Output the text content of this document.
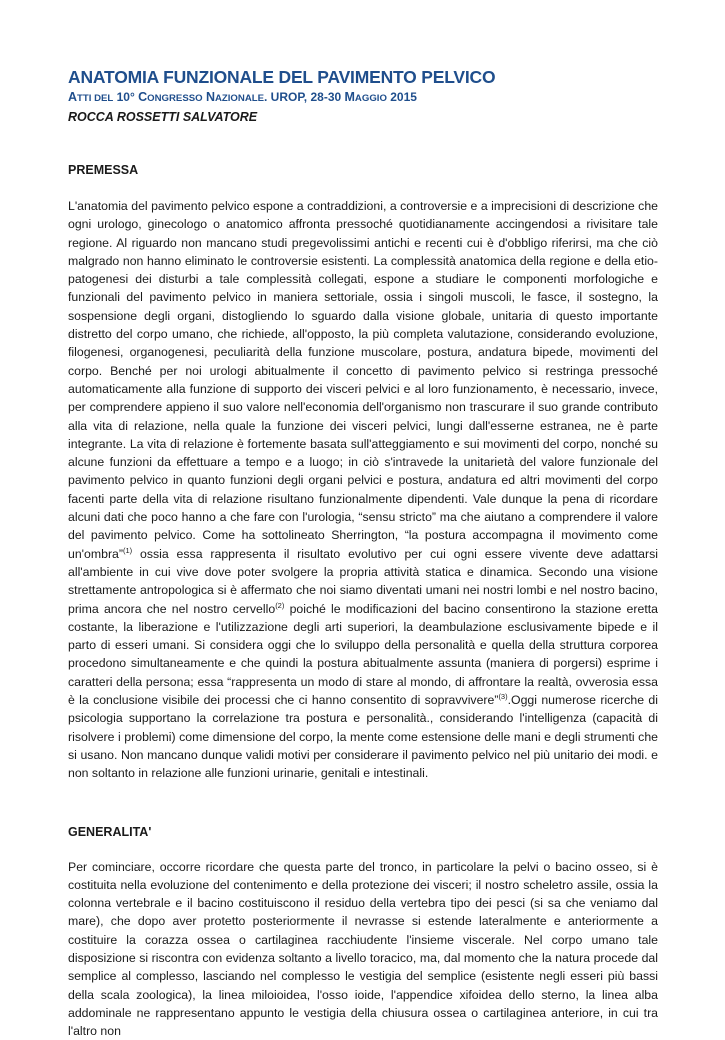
ANATOMIA FUNZIONALE DEL PAVIMENTO PELVICO

ATTI DEL 10° CONGRESSO NAZIONALE. UROP, 28-30 MAGGIO 2015

ROCCA ROSSETTI SALVATORE

PREMESSA

L'anatomia del pavimento pelvico espone a contraddizioni, a controversie e a imprecisioni di descrizione che ogni urologo, ginecologo o anatomico affronta pressoché quotidianamente accingendosi a rivisitare tale regione. Al riguardo non mancano studi pregevolissimi antichi e recenti cui è d'obbligo riferirsi, ma che ciò malgrado non hanno eliminato le controversie esistenti. La complessità anatomica della regione e della etio-patogenesi dei disturbi a tale complessità collegati, espone a studiare le componenti morfologiche e funzionali del pavimento pelvico in maniera settoriale, ossia i singoli muscoli, le fasce, il sostegno, la sospensione degli organi, distogliendo lo sguardo dalla visione globale, unitaria di questo importante distretto del corpo umano, che richiede, all'opposto, la più completa valutazione, considerando evoluzione, filogenesi, organogenesi, peculiarità della funzione muscolare, postura, andatura bipede, movimenti del corpo. Benché per noi urologi abitualmente il concetto di pavimento pelvico si restringa pressoché automaticamente alla funzione di supporto dei visceri pelvici e al loro funzionamento, è necessario, invece, per comprendere appieno il suo valore nell'economia dell'organismo non trascurare il suo grande contributo alla vita di relazione, nella quale la funzione dei visceri pelvici, lungi dall'esserne estranea, ne è parte integrante. La vita di relazione è fortemente basata sull'atteggiamento e sui movimenti del corpo, nonché su alcune funzioni da effettuare a tempo e a luogo; in ciò s'intravede la unitarietà del valore funzionale del pavimento pelvico in quanto funzioni degli organi pelvici e postura, andatura ed altri movimenti del corpo facenti parte della vita di relazione risultano funzionalmente dipendenti. Vale dunque la pena di ricordare alcuni dati che poco hanno a che fare con l'urologia, “sensu stricto” ma che aiutano a comprendere il valore del pavimento pelvico. Come ha sottolineato Sherrington, “la postura accompagna il movimento come un'ombra”$^{(1)}$ ossia essa rappresenta il risultato evolutivo per cui ogni essere vivente deve adattarsi all'ambiente in cui vive dove poter svolgere la propria attività statica e dinamica. Secondo una visione strettamente antropologica si è affermato che noi siamo diventati umani nei nostri lombi e nel nostro bacino, prima ancora che nel nostro cervello$^{(2)}$ poiché le modificazioni del bacino consentirono la stazione eretta costante, la liberazione e l'utilizzazione degli arti superiori, la deambulazione esclusivamente bipede e il parto di esseri umani. Si considera oggi che lo sviluppo della personalità e quella della struttura corporea procedono simultaneamente e che quindi la postura abitualmente assunta (maniera di porgersi) esprime i caratteri della persona; essa “rappresenta un modo di stare al mondo, di affrontare la realtà, ovverosia essa è la conclusione visibile dei processi che ci hanno consentito di sopravvivere”$^{(3)}$.Oggi numerose ricerche di psicologia supportano la correlazione tra postura e personalità., considerando l'intelligenza (capacità di risolvere i problemi) come dimensione del corpo, la mente come estensione delle mani e degli strumenti che si usano. Non mancano dunque validi motivi per considerare il pavimento pelvico nel più unitario dei modi. e non soltanto in relazione alle funzioni urinarie, genitali e intestinali.

GENERALITA'

Per cominciare, occorre ricordare che questa parte del tronco, in particolare la pelvi o bacino osseo, si è costituita nella evoluzione del contenimento e della protezione dei visceri; il nostro scheletro assile, ossia la colonna vertebrale e il bacino costituiscono il residuo della vertebra tipo dei pesci (si sa che veniamo dal mare), che dopo aver protetto posteriormente il nevrasse si estende lateralmente e anteriormente a costituire la corazza ossea o cartilaginea racchiudente l'insieme viscerale. Nel corpo umano tale disposizione si riscontra con evidenza soltanto a livello toracico, ma, dal momento che la natura procede dal semplice al complesso, lasciando nel complesso le vestigia del semplice (esistente negli esseri più bassi della scala zoologica), la linea miloioidea, l'osso ioide, l'appendice xifoidea dello sterno, la linea alba addominale ne rappresentano appunto le vestigia della chiusura ossea o cartilaginea anteriore, in cui tra l'altro non
